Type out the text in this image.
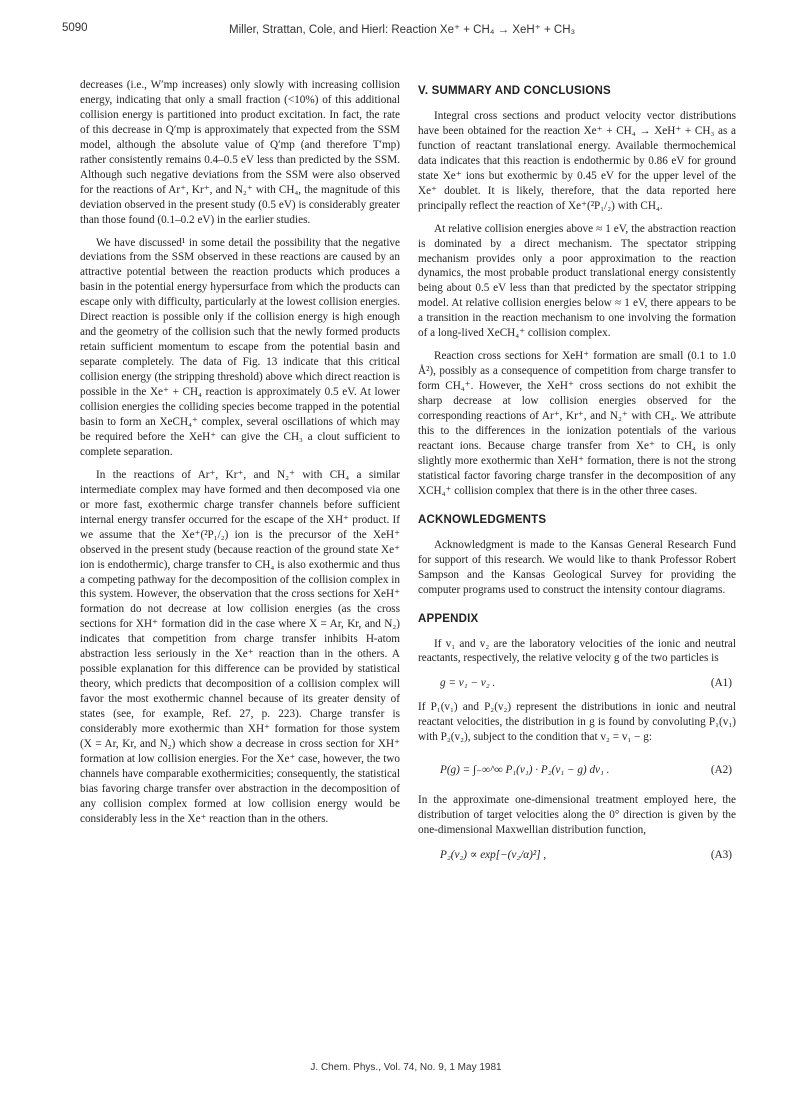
5090	Miller, Strattan, Cole, and Hierl: Reaction Xe⁺ + CH₄ → XeH⁺ + CH₃

decreases (i.e., W′mp increases) only slowly with increasing collision energy, indicating that only a small fraction (<10%) of this additional collision energy is partitioned into product excitation. In fact, the rate of this decrease in Q′mp is approximately that expected from the SSM model, although the absolute value of Q′mp (and therefore T′mp) rather consistently remains 0.4–0.5 eV less than predicted by the SSM. Although such negative deviations from the SSM were also observed for the reactions of Ar⁺, Kr⁺, and N₂⁺ with CH₄, the magnitude of this deviation observed in the present study (0.5 eV) is considerably greater than those found (0.1–0.2 eV) in the earlier studies.

We have discussed¹ in some detail the possibility that the negative deviations from the SSM observed in these reactions are caused by an attractive potential between the reaction products which produces a basin in the potential energy hypersurface from which the products can escape only with difficulty, particularly at the lowest collision energies. Direct reaction is possible only if the collision energy is high enough and the geometry of the collision such that the newly formed products retain sufficient momentum to escape from the potential basin and separate completely. The data of Fig. 13 indicate that this critical collision energy (the stripping threshold) above which direct reaction is possible in the Xe⁺ + CH₄ reaction is approximately 0.5 eV. At lower collision energies the colliding species become trapped in the potential basin to form an XeCH₄⁺ complex, several oscillations of which may be required before the XeH⁺ can give the CH₃ a clout sufficient to complete separation.

In the reactions of Ar⁺, Kr⁺, and N₂⁺ with CH₄ a similar intermediate complex may have formed and then decomposed via one or more fast, exothermic charge transfer channels before sufficient internal energy transfer occurred for the escape of the XH⁺ product. If we assume that the Xe⁺(²P₁/₂) ion is the precursor of the XeH⁺ observed in the present study (because reaction of the ground state Xe⁺ ion is endothermic), charge transfer to CH₄ is also exothermic and thus a competing pathway for the decomposition of the collision complex in this system. However, the observation that the cross sections for XeH⁺ formation do not decrease at low collision energies (as the cross sections for XH⁺ formation did in the case where X = Ar, Kr, and N₂) indicates that competition from charge transfer inhibits H-atom abstraction less seriously in the Xe⁺ reaction than in the others. A possible explanation for this difference can be provided by statistical theory, which predicts that decomposition of a collision complex will favor the most exothermic channel because of its greater density of states (see, for example, Ref. 27, p. 223). Charge transfer is considerably more exothermic than XH⁺ formation for those system (X = Ar, Kr, and N₂) which show a decrease in cross section for XH⁺ formation at low collision energies. For the Xe⁺ case, however, the two channels have comparable exothermicities; consequently, the statistical bias favoring charge transfer over abstraction in the decomposition of any collision complex formed at low collision energy would be considerably less in the Xe⁺ reaction than in the others.

V. SUMMARY AND CONCLUSIONS

Integral cross sections and product velocity vector distributions have been obtained for the reaction Xe⁺ + CH₄ → XeH⁺ + CH₃ as a function of reactant translational energy. Available thermochemical data indicates that this reaction is endothermic by 0.86 eV for ground state Xe⁺ ions but exothermic by 0.45 eV for the upper level of the Xe⁺ doublet. It is likely, therefore, that the data reported here principally reflect the reaction of Xe⁺(²P₁/₂) with CH₄.

At relative collision energies above ≈ 1 eV, the abstraction reaction is dominated by a direct mechanism. The spectator stripping mechanism provides only a poor approximation to the reaction dynamics, the most probable product translational energy consistently being about 0.5 eV less than that predicted by the spectator stripping model. At relative collision energies below ≈ 1 eV, there appears to be a transition in the reaction mechanism to one involving the formation of a long-lived XeCH₄⁺ collision complex.

Reaction cross sections for XeH⁺ formation are small (0.1 to 1.0 Å²), possibly as a consequence of competition from charge transfer to form CH₄⁺. However, the XeH⁺ cross sections do not exhibit the sharp decrease at low collision energies observed for the corresponding reactions of Ar⁺, Kr⁺, and N₂⁺ with CH₄. We attribute this to the differences in the ionization potentials of the various reactant ions. Because charge transfer from Xe⁺ to CH₄ is only slightly more exothermic than XeH⁺ formation, there is not the strong statistical factor favoring charge transfer in the decomposition of any XCH₄⁺ collision complex that there is in the other three cases.

ACKNOWLEDGMENTS

Acknowledgment is made to the Kansas General Research Fund for support of this research. We would like to thank Professor Robert Sampson and the Kansas Geological Survey for providing the computer programs used to construct the intensity contour diagrams.

APPENDIX

If v₁ and v₂ are the laboratory velocities of the ionic and neutral reactants, respectively, the relative velocity g of the two particles is

g = v₁ − v₂ .	(A1)

If P₁(v₁) and P₂(v₂) represent the distributions in ionic and neutral reactant velocities, the distribution in g is found by convoluting P₁(v₁) with P₂(v₂), subject to the condition that v₂ = v₁ − g:

P(g) = ∫₋∞^∞ P₁(v₁) · P₂(v₁ − g) dv₁ .	(A2)

In the approximate one-dimensional treatment employed here, the distribution of target velocities along the 0° direction is given by the one-dimensional Maxwellian distribution function,

P₂(v₂) ∝ exp[−(v₂/α)²] ,	(A3)
J. Chem. Phys., Vol. 74, No. 9, 1 May 1981
